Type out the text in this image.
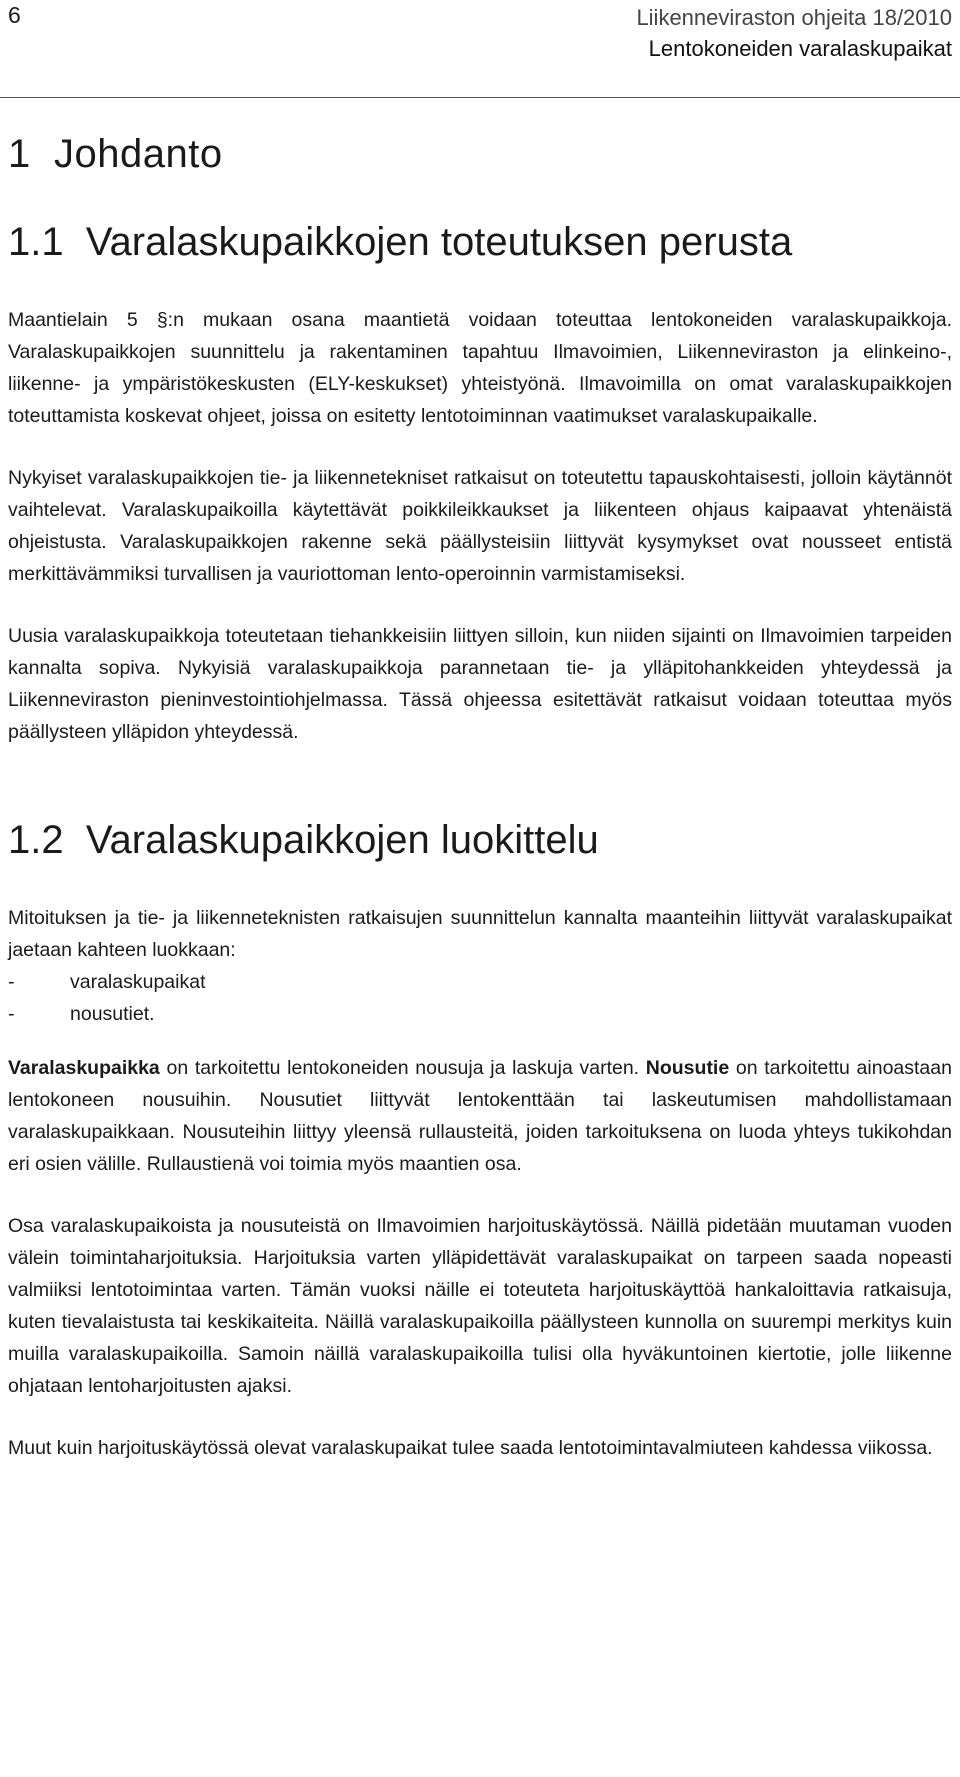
6	Liikenneviraston ohjeita 18/2010
Lentokoneiden varalaskupaikat
1  Johdanto
1.1  Varalaskupaikkojen toteutuksen perusta

Maantielain 5 §:n mukaan osana maantietä voidaan toteuttaa lentokoneiden varalaskupaikkoja. Varalaskupaikkojen suunnittelu ja rakentaminen tapahtuu Ilmavoimien, Liikenneviraston ja elinkeino-, liikenne- ja ympäristökeskusten (ELY-keskukset) yhteistyönä. Ilmavoimilla on omat varalaskupaikkojen toteuttamista koskevat ohjeet, joissa on esitetty lentotoiminnan vaatimukset varalaskupaikalle.

Nykyiset varalaskupaikkojen tie- ja liikennetekniset ratkaisut on toteutettu tapauskohtaisesti, jolloin käytännöt vaihtelevat. Varalaskupaikoilla käytettävät poikkileikkaukset ja liikenteen ohjaus kaipaavat yhtenäistä ohjeistusta. Varalaskupaikkojen rakenne sekä päällysteisiin liittyvät kysymykset ovat nousseet entistä merkittävämmiksi turvallisen ja vauriottoman lento-operoinnin varmistamiseksi.

Uusia varalaskupaikkoja toteutetaan tiehankkeisiin liittyen silloin, kun niiden sijainti on Ilmavoimien tarpeiden kannalta sopiva. Nykyisiä varalaskupaikkoja parannetaan tie- ja ylläpitohankkeiden yhteydessä ja Liikenneviraston pieninvestointiohjelmassa. Tässä ohjeessa esitettävät ratkaisut voidaan toteuttaa myös päällysteen ylläpidon yhteydessä.

1.2  Varalaskupaikkojen luokittelu

Mitoituksen ja tie- ja liikenneteknisten ratkaisujen suunnittelun kannalta maanteihin liittyvät varalaskupaikat jaetaan kahteen luokkaan:

-	varalaskupaikat
-	nousutiet.

Varalaskupaikka on tarkoitettu lentokoneiden nousuja ja laskuja varten. Nousutie on tarkoitettu ainoastaan lentokoneen nousuihin. Nousutiet liittyvät lentokenttään tai laskeutumisen mahdollistamaan varalaskupaikkaan. Nousuteihin liittyy yleensä rullausteitä, joiden tarkoituksena on luoda yhteys tukikohdan eri osien välille. Rullaustienä voi toimia myös maantien osa.

Osa varalaskupaikoista ja nousuteistä on Ilmavoimien harjoituskäytössä. Näillä pidetään muutaman vuoden välein toimintaharjoituksia. Harjoituksia varten ylläpidettävät varalaskupaikat on tarpeen saada nopeasti valmiiksi lentotoimintaa varten. Tämän vuoksi näille ei toteuteta harjoituskäyttöä hankaloittavia ratkaisuja, kuten tievalaistusta tai keskikaiteita. Näillä varalaskupaikoilla päällysteen kunnolla on suurempi merkitys kuin muilla varalaskupaikoilla. Samoin näillä varalaskupaikoilla tulisi olla hyväkuntoinen kiertotie, jolle liikenne ohjataan lentoharjoitusten ajaksi.

Muut kuin harjoituskäytössä olevat varalaskupaikat tulee saada lentotoimintavalmiuteen kahdessa viikossa.
